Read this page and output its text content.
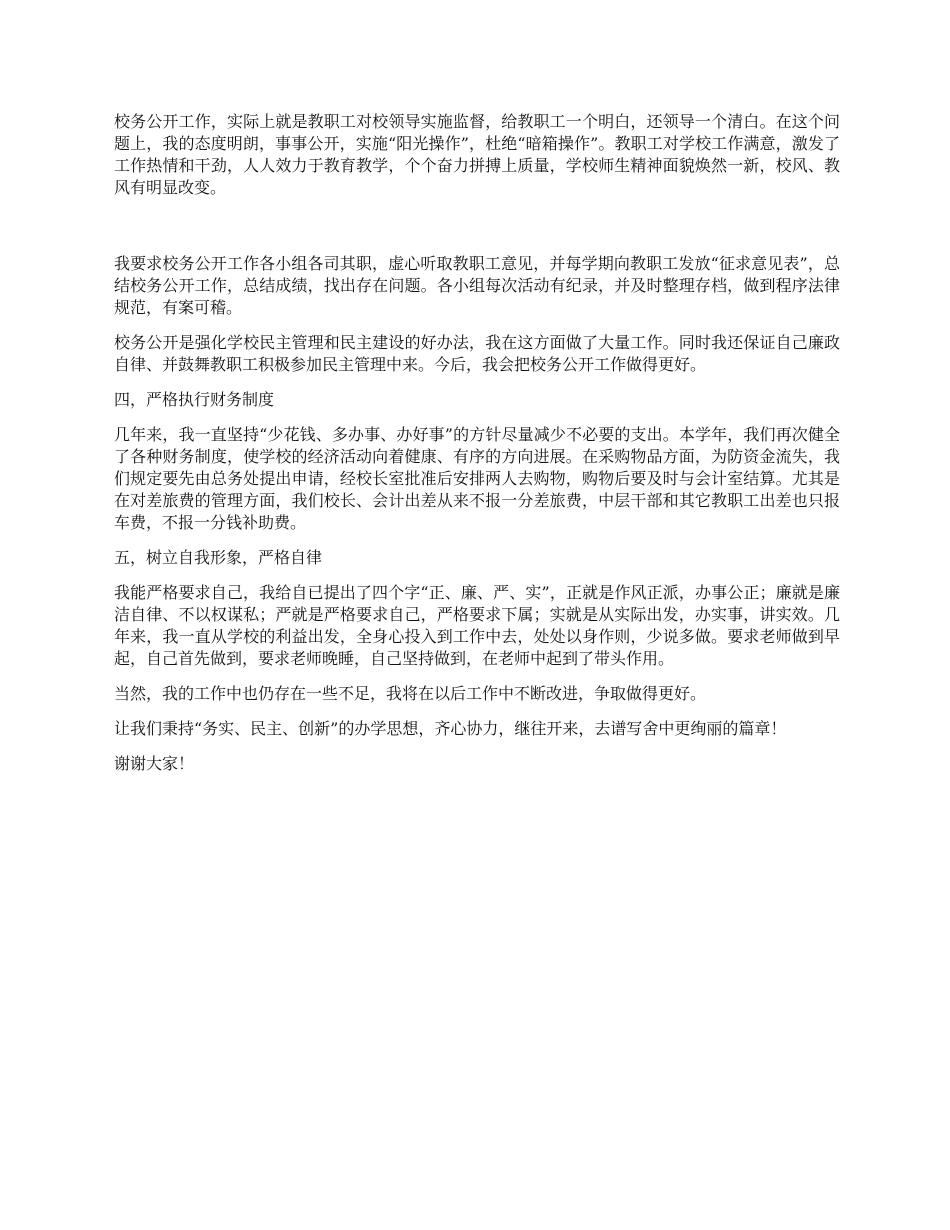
校务公开工作，实际上就是教职工对校领导实施监督，给教职工一个明白，还领导一个清白。在这个问题上，我的态度明朗，事事公开，实施“阳光操作”，杜绝“暗箱操作”。教职工对学校工作满意，激发了工作热情和干劲，人人效力于教育教学，个个奋力拼搏上质量，学校师生精神面貌焕然一新，校风、教风有明显改变。

我要求校务公开工作各小组各司其职，虚心听取教职工意见，并每学期向教职工发放“征求意见表”，总结校务公开工作，总结成绩，找出存在问题。各小组每次活动有纪录，并及时整理存档，做到程序法律规范，有案可稽。

校务公开是强化学校民主管理和民主建设的好办法，我在这方面做了大量工作。同时我还保证自己廉政自律、并鼓舞教职工积极参加民主管理中来。今后，我会把校务公开工作做得更好。

四，严格执行财务制度

几年来，我一直坚持“少花钱、多办事、办好事”的方针尽量减少不必要的支出。本学年，我们再次健全了各种财务制度，使学校的经济活动向着健康、有序的方向进展。在采购物品方面，为防资金流失，我们规定要先由总务处提出申请，经校长室批准后安排两人去购物，购物后要及时与会计室结算。尤其是在对差旅费的管理方面，我们校长、会计出差从来不报一分差旅费，中层干部和其它教职工出差也只报车费，不报一分钱补助费。

五，树立自我形象，严格自律

我能严格要求自己，我给自已提出了四个字“正、廉、严、实”，正就是作风正派，办事公正；廉就是廉洁自律、不以权谋私；严就是严格要求自己，严格要求下属；实就是从实际出发，办实事，讲实效。几年来，我一直从学校的利益出发，全身心投入到工作中去，处处以身作则，少说多做。要求老师做到早起，自己首先做到，要求老师晚睡，自己坚持做到，在老师中起到了带头作用。

当然，我的工作中也仍存在一些不足，我将在以后工作中不断改进，争取做得更好。

让我们秉持“务实、民主、创新”的办学思想，齐心协力，继往开来，去谱写舍中更绚丽的篇章！

谢谢大家！
